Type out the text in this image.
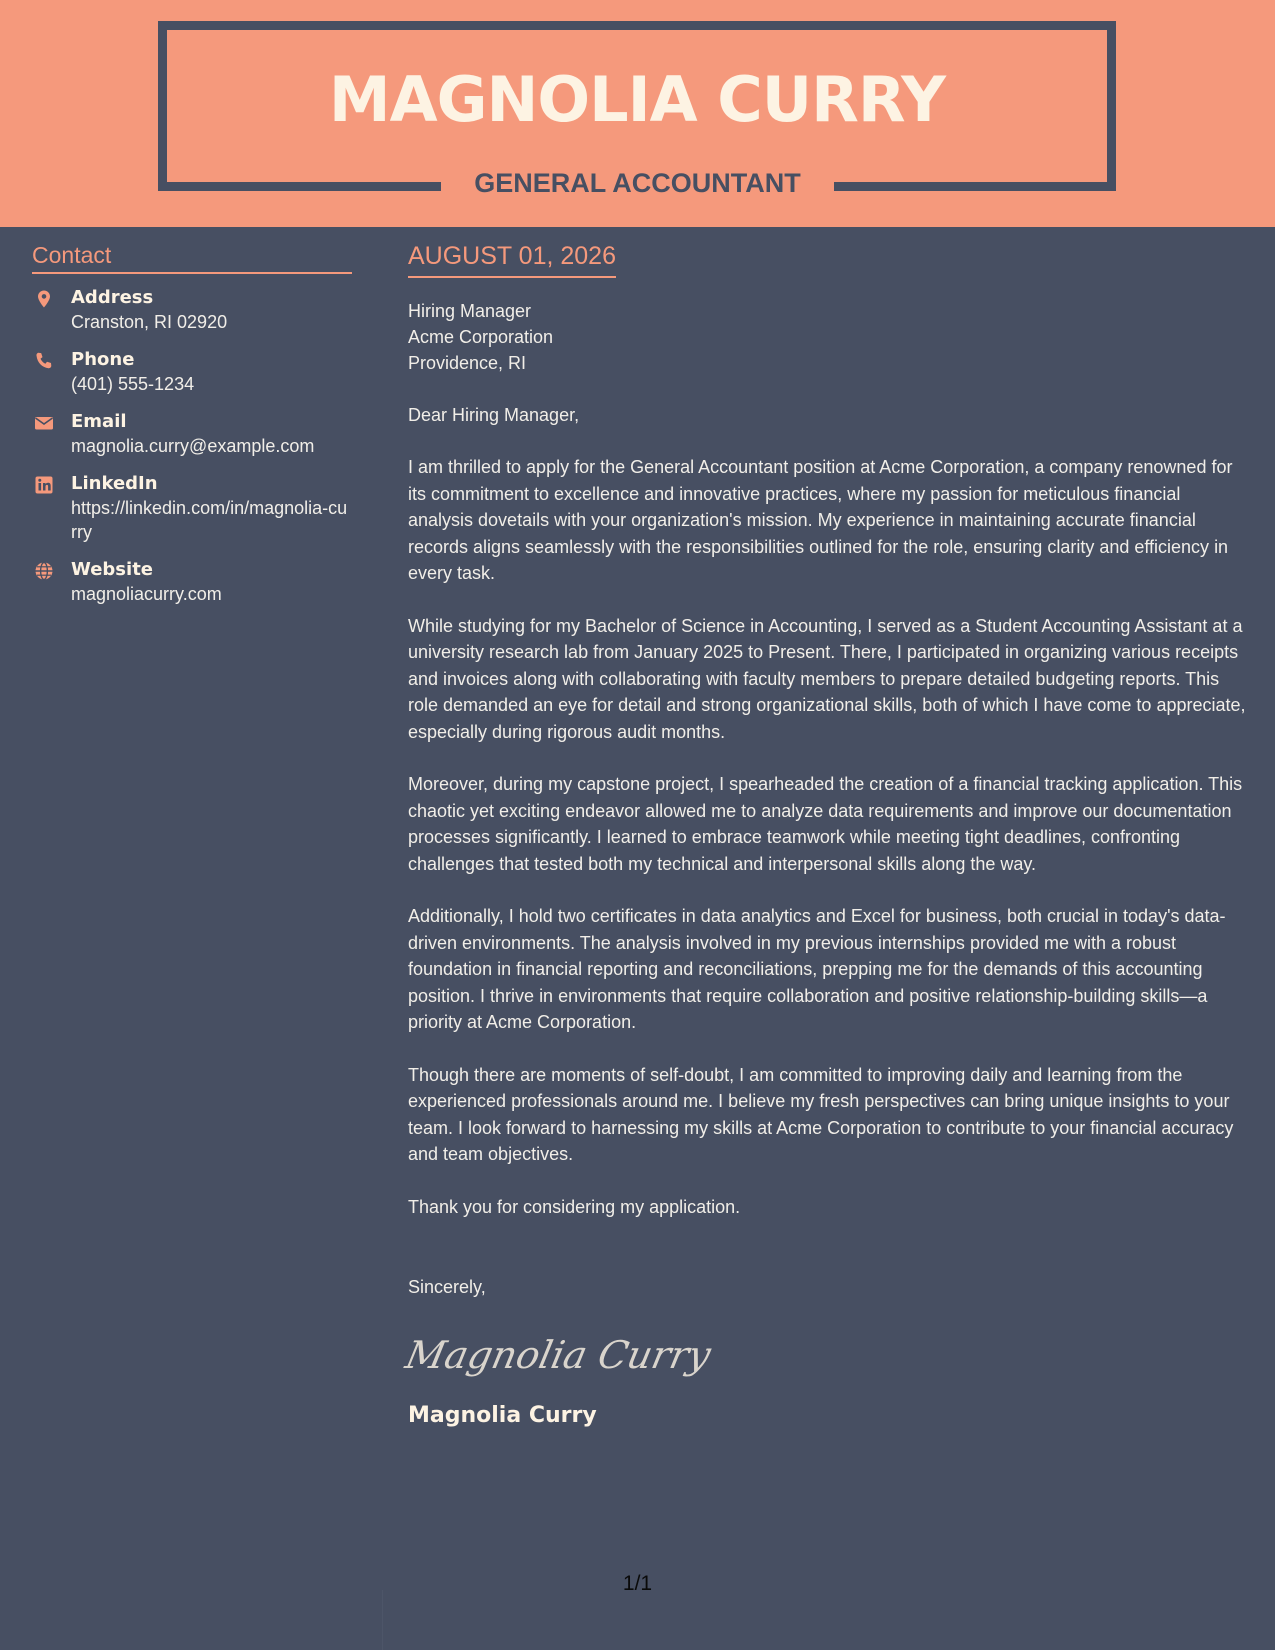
MAGNOLIA CURRY
GENERAL ACCOUNTANT
Contact
Address
Cranston, RI 02920
Phone
(401) 555-1234
Email
magnolia.curry@example.com
LinkedIn
https://linkedin.com/in/magnolia-curry
Website
magnoliacurry.com
AUGUST 01, 2026
Hiring Manager
Acme Corporation
Providence, RI
Dear Hiring Manager,
I am thrilled to apply for the General Accountant position at Acme Corporation, a company renowned for its commitment to excellence and innovative practices, where my passion for meticulous financial analysis dovetails with your organization's mission. My experience in maintaining accurate financial records aligns seamlessly with the responsibilities outlined for the role, ensuring clarity and efficiency in every task.
While studying for my Bachelor of Science in Accounting, I served as a Student Accounting Assistant at a university research lab from January 2025 to Present. There, I participated in organizing various receipts and invoices along with collaborating with faculty members to prepare detailed budgeting reports. This role demanded an eye for detail and strong organizational skills, both of which I have come to appreciate, especially during rigorous audit months.
Moreover, during my capstone project, I spearheaded the creation of a financial tracking application. This chaotic yet exciting endeavor allowed me to analyze data requirements and improve our documentation processes significantly. I learned to embrace teamwork while meeting tight deadlines, confronting challenges that tested both my technical and interpersonal skills along the way.
Additionally, I hold two certificates in data analytics and Excel for business, both crucial in today's data-driven environments. The analysis involved in my previous internships provided me with a robust foundation in financial reporting and reconciliations, prepping me for the demands of this accounting position. I thrive in environments that require collaboration and positive relationship-building skills—a priority at Acme Corporation.
Though there are moments of self-doubt, I am committed to improving daily and learning from the experienced professionals around me. I believe my fresh perspectives can bring unique insights to your team. I look forward to harnessing my skills at Acme Corporation to contribute to your financial accuracy and team objectives.
Thank you for considering my application.
Sincerely,
Magnolia Curry
Magnolia Curry
1/1
